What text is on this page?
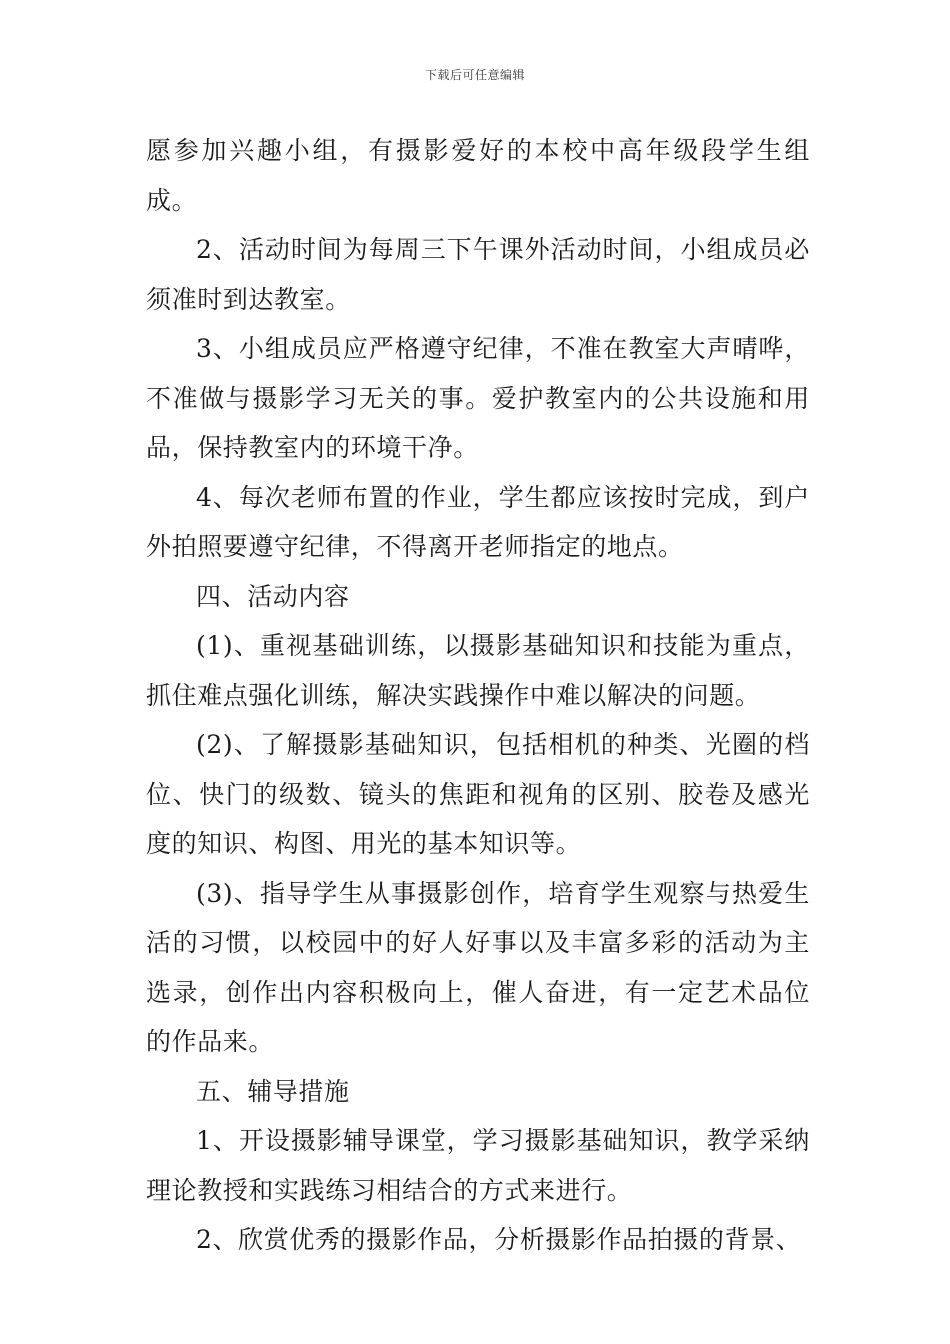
下载后可任意编辑

愿参加兴趣小组，有摄影爱好的本校中高年级段学生组成。

2、活动时间为每周三下午课外活动时间，小组成员必须准时到达教室。

3、小组成员应严格遵守纪律，不准在教室大声晴哗，不准做与摄影学习无关的事。爱护教室内的公共设施和用品，保持教室内的环境干净。

4、每次老师布置的作业，学生都应该按时完成，到户外拍照要遵守纪律，不得离开老师指定的地点。

四、活动内容

(1)、重视基础训练，以摄影基础知识和技能为重点，抓住难点强化训练，解决实践操作中难以解决的问题。

(2)、了解摄影基础知识，包括相机的种类、光圈的档位、快门的级数、镜头的焦距和视角的区别、胶卷及感光度的知识、构图、用光的基本知识等。

(3)、指导学生从事摄影创作，培育学生观察与热爱生活的习惯，以校园中的好人好事以及丰富多彩的活动为主选录，创作出内容积极向上，催人奋进，有一定艺术品位的作品来。

五、辅导措施

1、开设摄影辅导课堂，学习摄影基础知识，教学采纳理论教授和实践练习相结合的方式来进行。

2、欣赏优秀的摄影作品，分析摄影作品拍摄的背景、
